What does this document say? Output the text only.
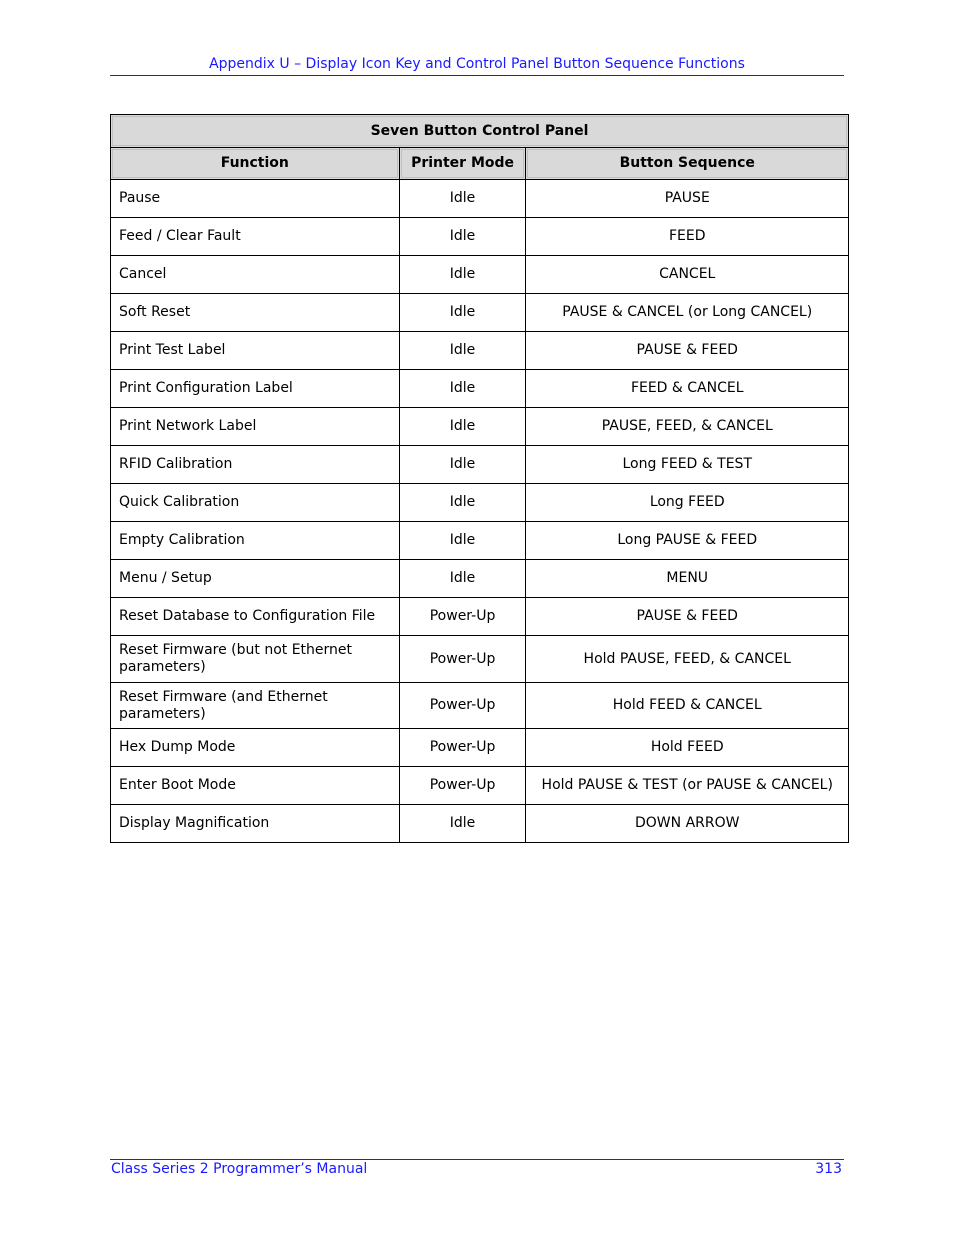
Appendix U – Display Icon Key and Control Panel Button Sequence Functions
Seven Button Control Panel		
Function	Printer Mode	Button Sequence
Pause	Idle	PAUSE
Feed / Clear Fault	Idle	FEED
Cancel	Idle	CANCEL
Soft Reset	Idle	PAUSE & CANCEL (or Long CANCEL)
Print Test Label	Idle	PAUSE & FEED
Print Configuration Label	Idle	FEED & CANCEL
Print Network Label	Idle	PAUSE, FEED, & CANCEL
RFID Calibration	Idle	Long FEED & TEST
Quick Calibration	Idle	Long FEED
Empty Calibration	Idle	Long PAUSE & FEED
Menu / Setup	Idle	MENU
Reset Database to Configuration File	Power-Up	PAUSE & FEED
Reset Firmware (but not Ethernet parameters)	Power-Up	Hold PAUSE, FEED, & CANCEL
Reset Firmware (and Ethernet parameters)	Power-Up	Hold FEED & CANCEL
Hex Dump Mode	Power-Up	Hold FEED
Enter Boot Mode	Power-Up	Hold PAUSE & TEST (or PAUSE & CANCEL)
Display Magnification	Idle	DOWN ARROW
Class Series 2 Programmer’s Manual	313
